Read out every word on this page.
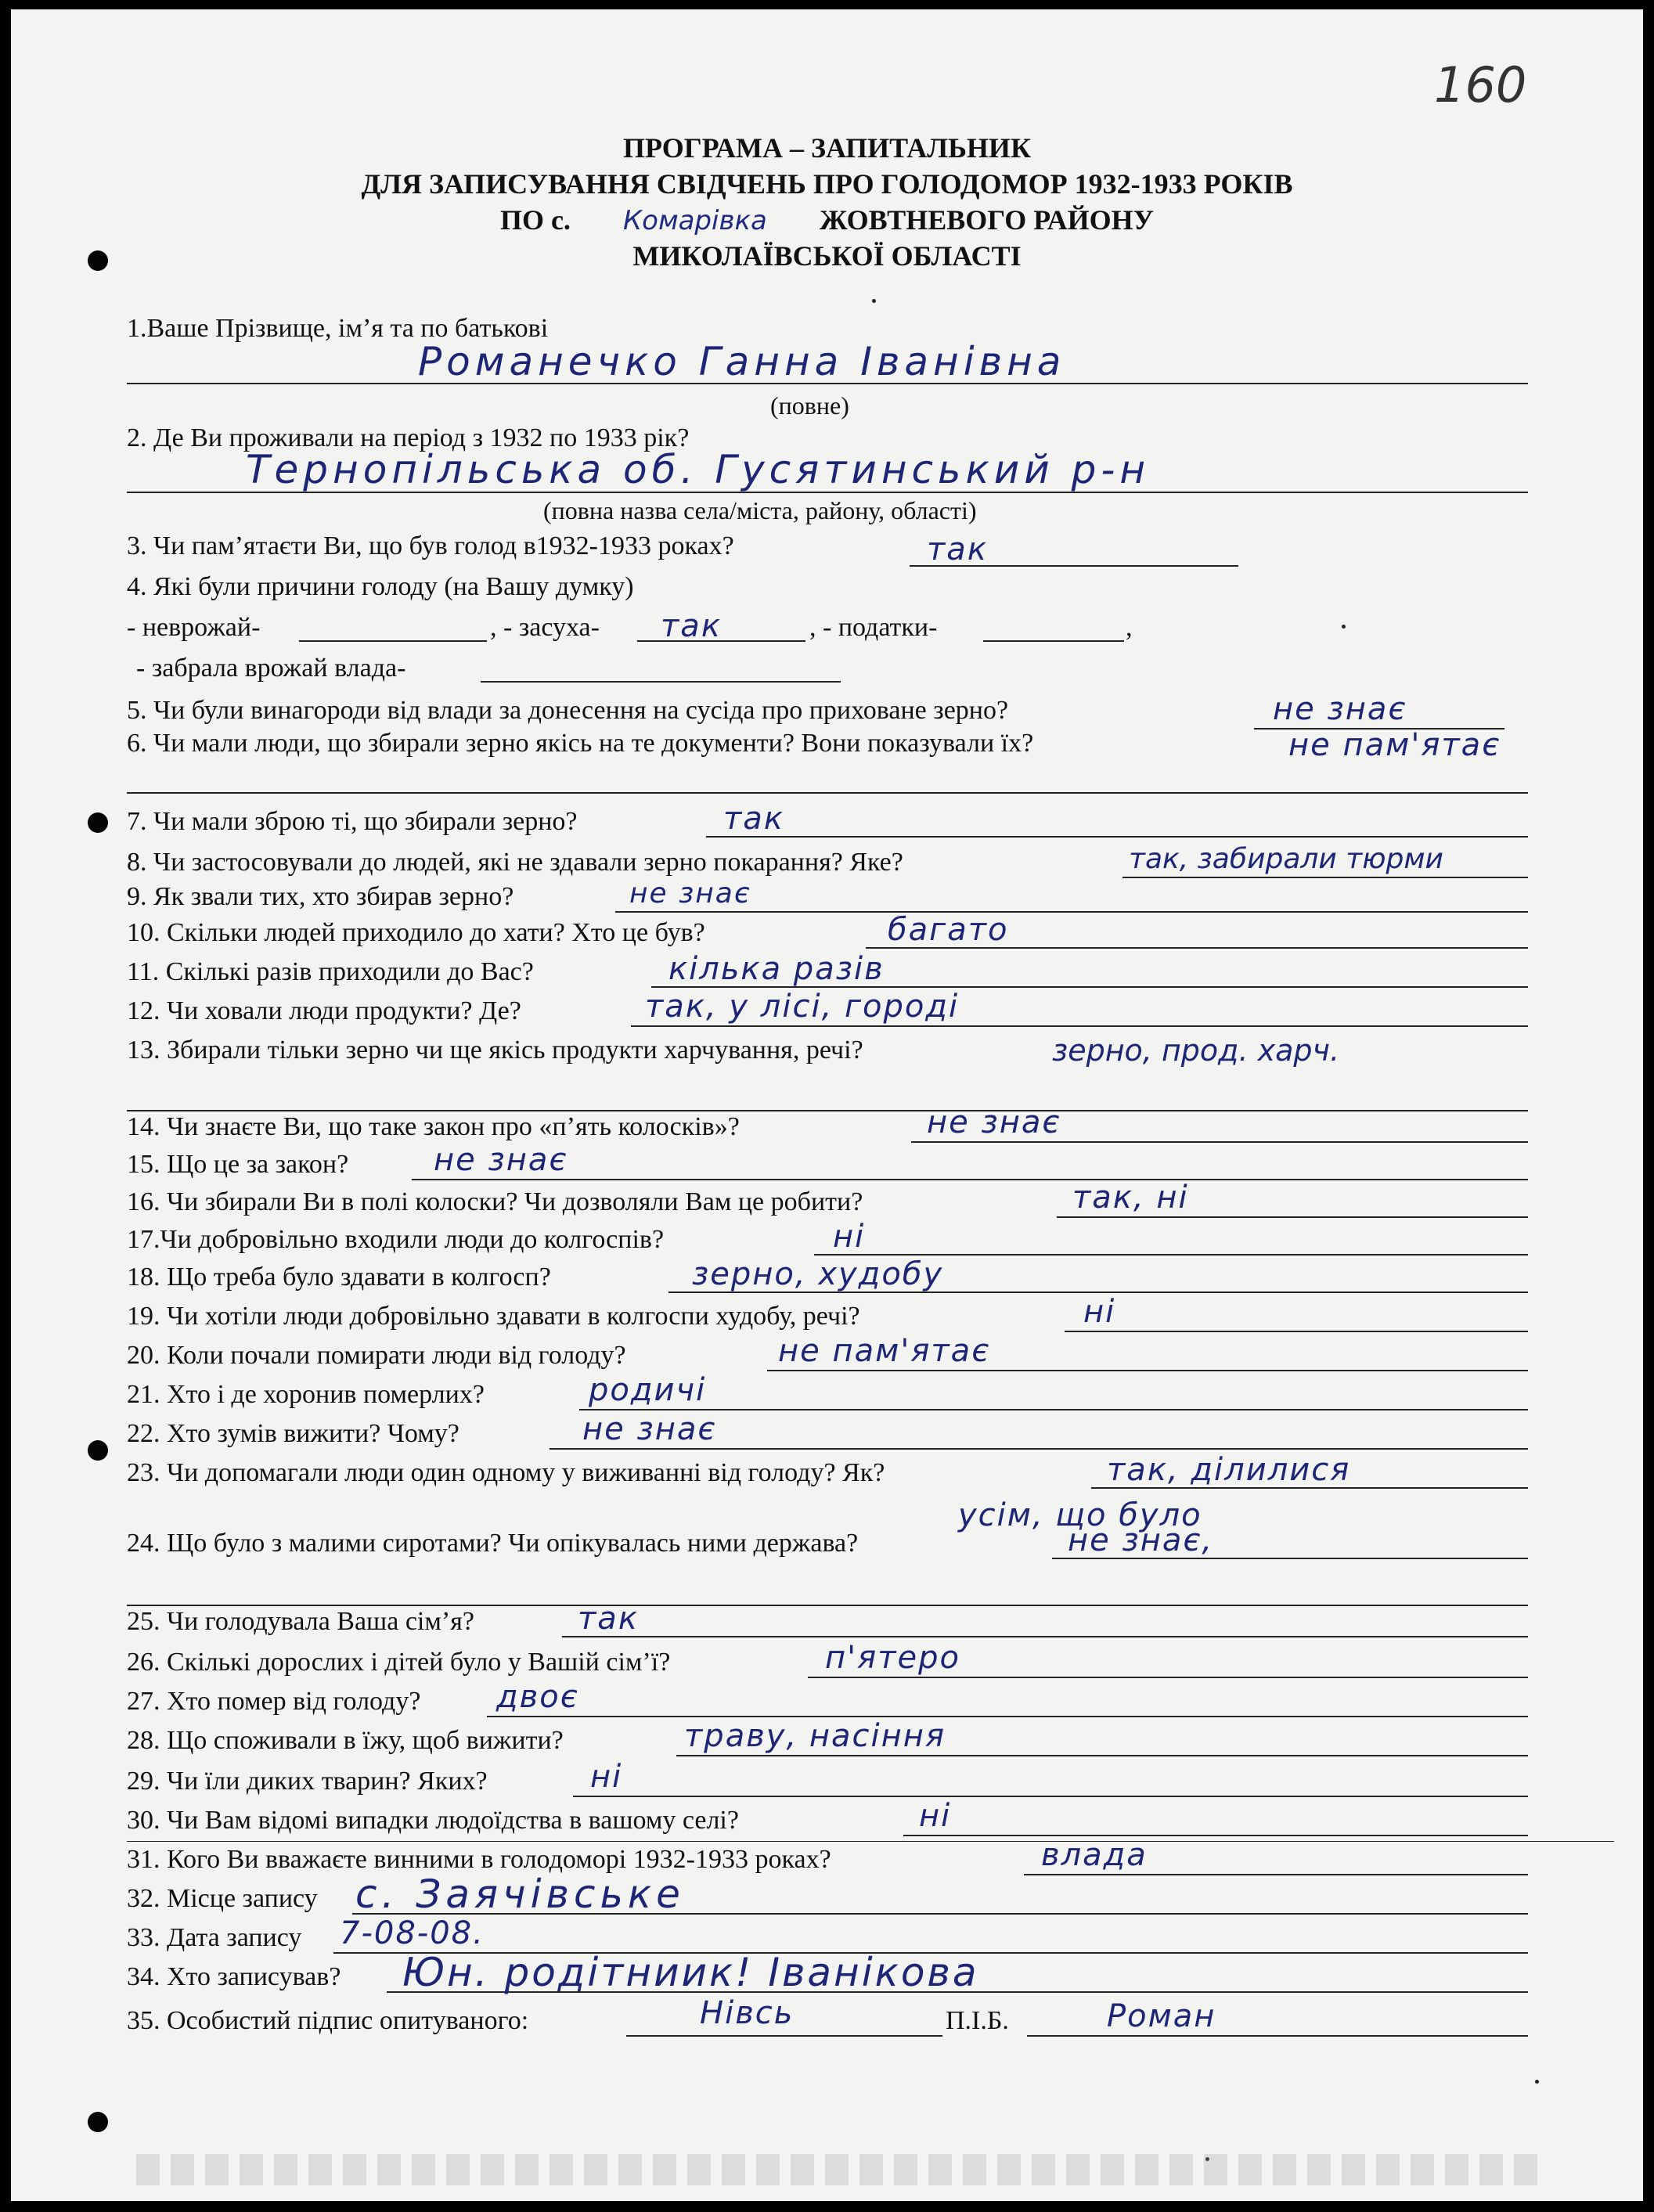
160
ПРОГРАМА – ЗАПИТАЛЬНИК
ДЛЯ ЗАПИСУВАННЯ СВІДЧЕНЬ ПРО ГОЛОДОМОР 1932-1933 РОКІВ
ПО с. Комарівка ЖОВТНЕВОГО РАЙОНУ
МИКОЛАЇВСЬКОЇ ОБЛАСТІ
1.Ваше Прізвище, ім’я та по батькові
Романечко Ганна Іванівна
(повне)
2. Де Ви проживали на період з 1932 по 1933 рік?
Тернопільська об. Гусятинський р-н
(повна назва села/міста, району, області)
3. Чи пам’ятаєти Ви, що був голод в1932-1933 роках?	так
4. Які були причини голоду (на Вашу думку)
- неврожай-	, - засуха- так	, - податки-	,
- забрала врожай влада-
5. Чи були винагороди від влади за донесення на сусіда про приховане зерно?	не знає
6. Чи мали люди, що збирали зерно якісь на те документи? Вони показували їх?	не пам'ятає
7. Чи мали зброю ті, що збирали зерно?	так
8. Чи застосовували до людей, які не здавали зерно покарання? Яке?	так, забирали тюрми
9. Як звали тих, хто збирав зерно?	не знає
10. Скільки людей приходило до хати? Хто це був?	багато
11. Скількі разів приходили до Вас?	кілька разів
12. Чи ховали люди продукти? Де?	так, у лісі, городі
13. Збирали тільки зерно чи ще якісь продукти харчування, речі?	зерно, прод. харч.
14. Чи знаєте Ви, що таке закон про «п’ять колосків»?	не знає
15. Що це за закон?	не знає
16. Чи збирали Ви в полі колоски? Чи дозволяли Вам це робити?	так, ні
17.Чи добровільно входили люди до колгоспів?	ні
18. Що треба було здавати в колгосп?	зерно, худобу
19. Чи хотіли люди добровільно здавати в колгоспи худобу, речі?	ні
20. Коли почали помирати люди від голоду?	не пам'ятає
21. Хто і де хоронив померлих?	родичі
22. Хто зумів вижити? Чому?	не знає
23. Чи допомагали люди один одному у виживанні від голоду? Як?	так, ділилися
усім, що було
24. Що було з малими сиротами? Чи опікувалась ними держава?	не знає,
25. Чи голодувала Ваша сім’я?	так
26. Скількі дорослих і дітей було у Вашій сім’ї?	п'ятеро
27. Хто помер від голоду? двоє
28. Що споживали в їжу, щоб вижити?	траву, насіння
29. Чи їли диких тварин? Яких?	ні
30. Чи Вам відомі випадки людоїдства в вашому селі?	ні
31. Кого Ви вважаєте винними в голодоморі 1932-1933 роках?	влада
32. Місце запису с. Заячівське
33. Дата запису 7-08-08.
34. Хто записував? Юн. родітниик! Іванікова
35. Особистий підпис опитуваного:	Нівсь	П.І.Б.	Роман
